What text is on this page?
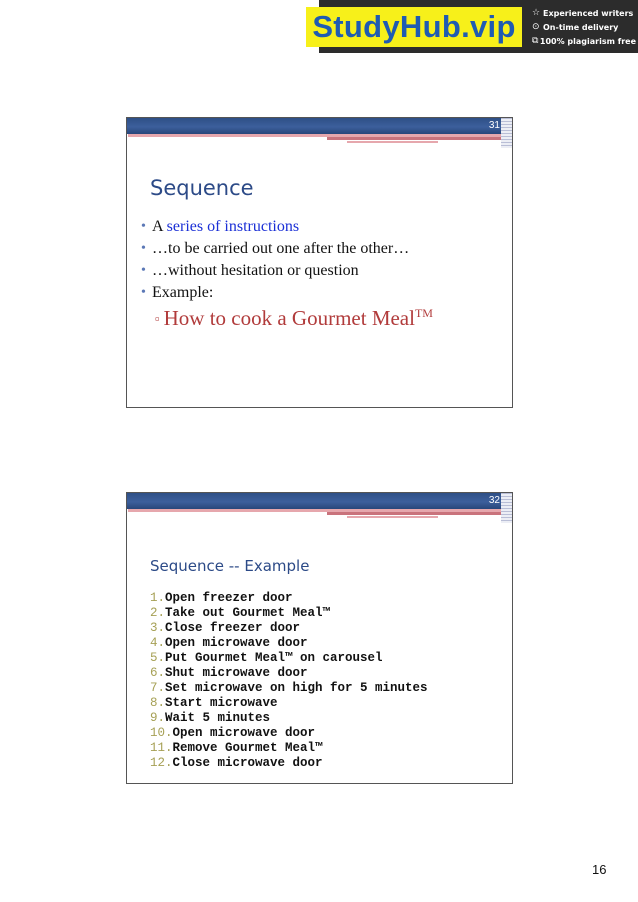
StudyHub.vip	☆ Experienced writers
⊙ On-time delivery
⧉ 100% plagiarism free
31
Sequence
• A series of instructions
• …to be carried out one after the other…
• …without hesitation or question
• Example:
▫ How to cook a Gourmet Meal™
32
Sequence -- Example
1.Open freezer door
2.Take out Gourmet Meal™
3.Close freezer door
4.Open microwave door
5.Put Gourmet Meal™ on carousel
6.Shut microwave door
7.Set microwave on high for 5 minutes
8.Start microwave
9.Wait 5 minutes
10.Open microwave door
11.Remove Gourmet Meal™
12.Close microwave door
16
